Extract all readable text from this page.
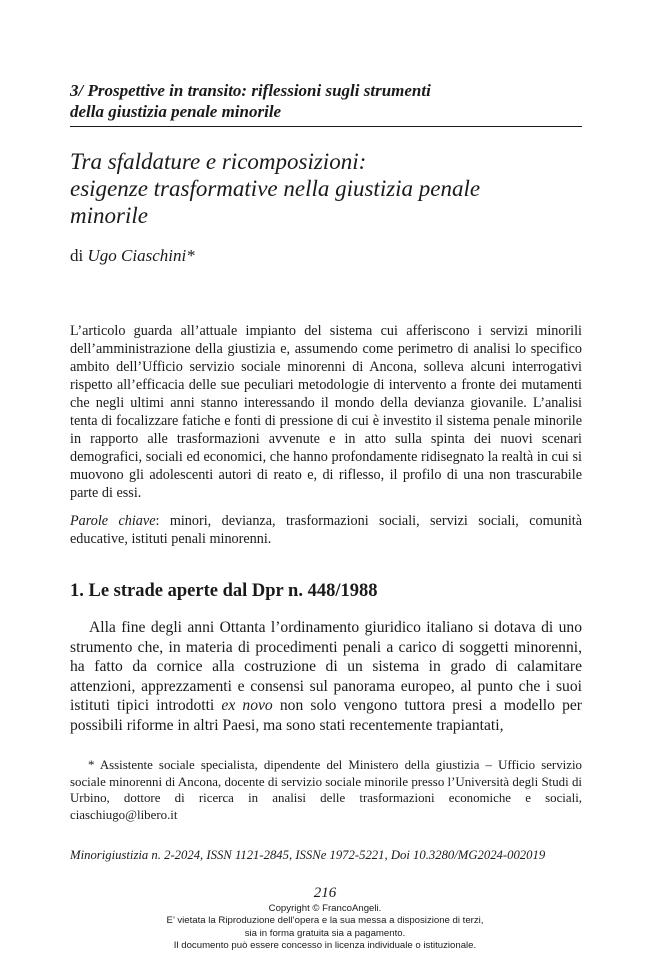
3/ Prospettive in transito: riflessioni sugli strumenti
della giustizia penale minorile
Tra sfaldature e ricomposizioni:
esigenze trasformative nella giustizia penale
minorile
di Ugo Ciaschini*

L’articolo guarda all’attuale impianto del sistema cui afferiscono i servizi minorili dell’amministrazione della giustizia e, assumendo come perimetro di analisi lo specifico ambito dell’Ufficio servizio sociale minorenni di Ancona, solleva alcuni interrogativi rispetto all’efficacia delle sue peculiari metodologie di intervento a fronte dei mutamenti che negli ultimi anni stanno interessando il mondo della devianza giovanile. L’analisi tenta di focalizzare fatiche e fonti di pressione di cui è investito il sistema penale minorile in rapporto alle trasformazioni avvenute e in atto sulla spinta dei nuovi scenari demografici, sociali ed economici, che hanno profondamente ridisegnato la realtà in cui si muovono gli adolescenti autori di reato e, di riflesso, il profilo di una non trascurabile parte di essi.

Parole chiave: minori, devianza, trasformazioni sociali, servizi sociali, comunità educative, istituti penali minorenni.

1. Le strade aperte dal Dpr n. 448/1988

Alla fine degli anni Ottanta l’ordinamento giuridico italiano si dotava di uno strumento che, in materia di procedimenti penali a carico di soggetti minorenni, ha fatto da cornice alla costruzione di un sistema in grado di calamitare attenzioni, apprezzamenti e consensi sul panorama europeo, al punto che i suoi istituti tipici introdotti ex novo non solo vengono tuttora presi a modello per possibili riforme in altri Paesi, ma sono stati recentemente trapiantati,

* Assistente sociale specialista, dipendente del Ministero della giustizia – Ufficio servizio sociale minorenni di Ancona, docente di servizio sociale minorile presso l’Università degli Studi di Urbino, dottore di ricerca in analisi delle trasformazioni economiche e sociali, ciaschiugo@libero.it

Minorigiustizia n. 2-2024, ISSN 1121-2845, ISSNe 1972-5221, Doi 10.3280/MG2024-002019
216
Copyright © FrancoAngeli.
E’ vietata la Riproduzione dell’opera e la sua messa a disposizione di terzi,
sia in forma gratuita sia a pagamento.
Il documento può essere concesso in licenza individuale o istituzionale.
